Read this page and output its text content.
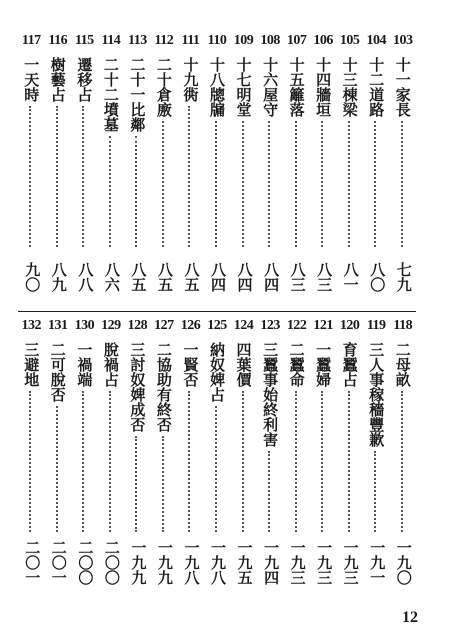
117
一天時
九〇
116
樹藝占
八九
115
遷移占
八八
114
二十二墳墓
八六
113
二十一比鄰
八五
112
二十倉廒
八五
111
十九衖
八五
110
十八牕牖
八四
109
十七明堂
八四
108
十六屋守
八四
107
十五籬落
八三
106
十四牆垣
八三
105
十三棟梁
八一
104
十二道路
八〇
103
十一家長
七九
132
三避地
二〇一
131
二可脫否
二〇一
130
一禍端
二〇〇
129
脫禍占
二〇〇
128
三討奴婢成否
一九九
127
二協助有終否
一九九
126
一賢否
一九八
125
納奴婢占
一九八
124
四葉價
一九五
123
三蠶事始終利害
一九四
122
二蠶命
一九三
121
一蠶婦
一九三
120
育蠶占
一九三
119
三人事稼穡豐歉
一九一
118
二母畝
一九〇
12
